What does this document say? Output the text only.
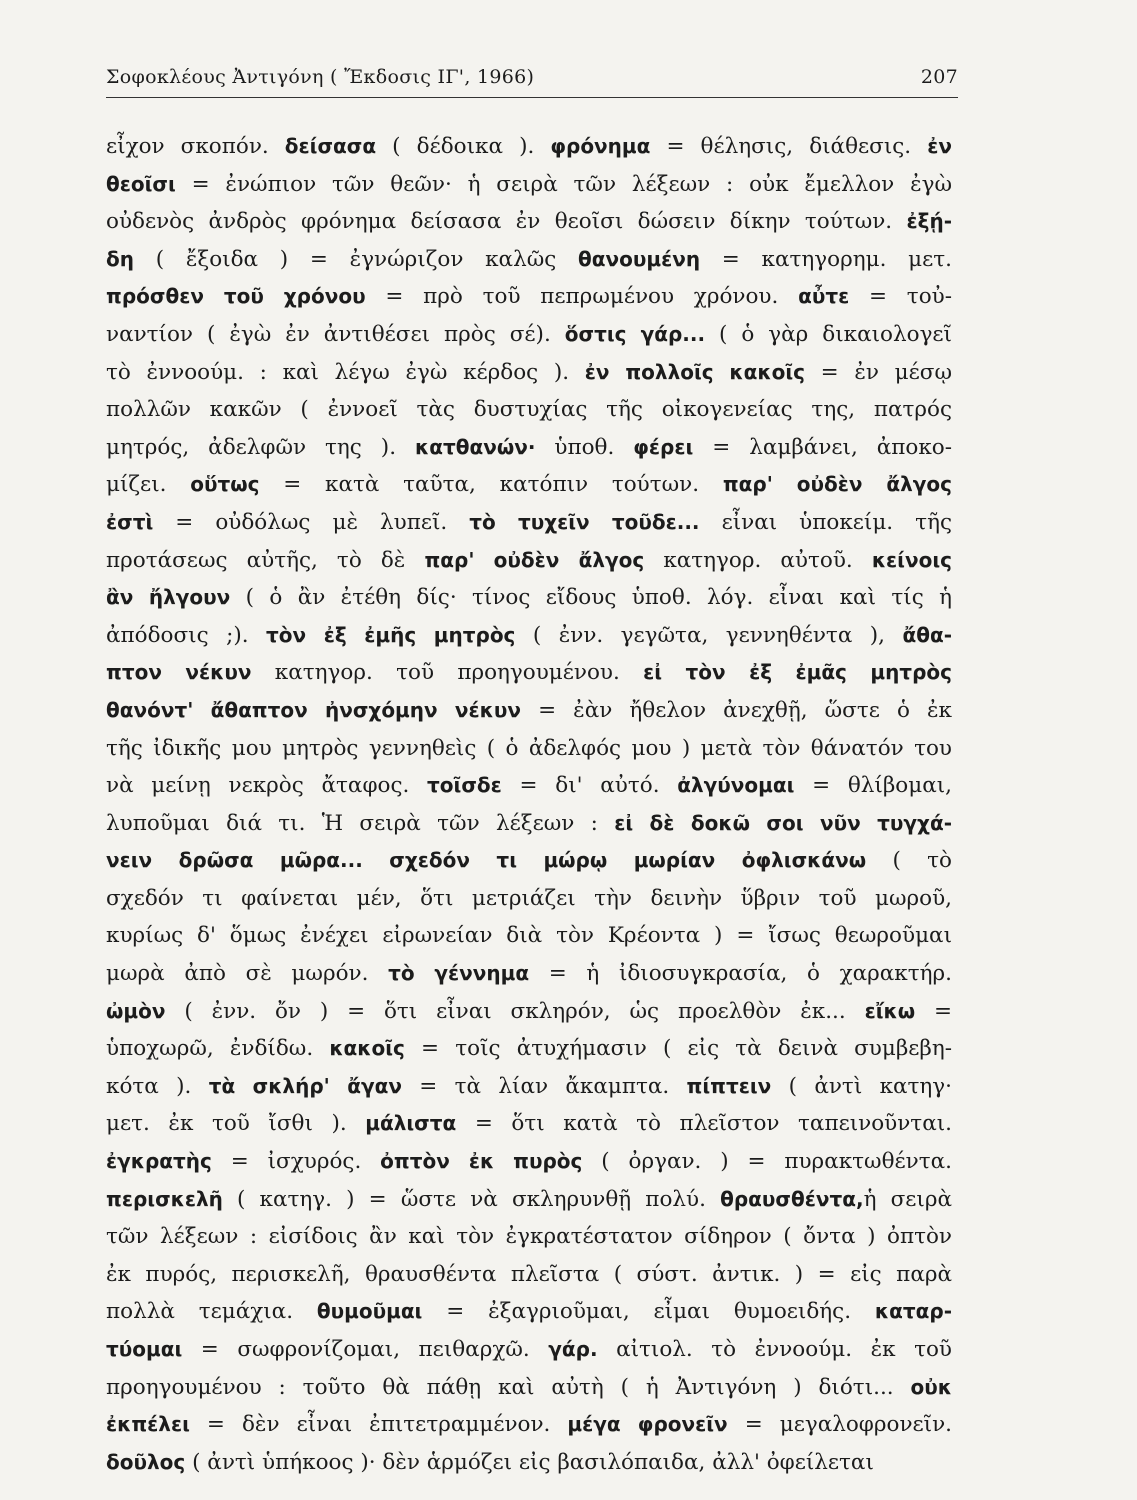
Σοφοκλέους Ἀντιγόνη ( Ἔκδοσις ΙΓ', 1966)	207
εἶχον σκοπόν. δείσασα ( δέδοικα ). φρόνημα = θέλησις, διάθεσις. ἐν
θεοῖσι = ἐνώπιον τῶν θεῶν· ἡ σειρὰ τῶν λέξεων : οὐκ ἔμελλον ἐγὼ
οὐδενὸς ἀνδρὸς φρόνημα δείσασα ἐν θεοῖσι δώσειν δίκην τούτων. ἐξῄ-
δη ( ἔξοιδα ) = ἐγνώριζον καλῶς θανουμένη = κατηγορημ. μετ.
πρόσθεν τοῦ χρόνου = πρὸ τοῦ πεπρωμένου χρόνου. αὖτε = τοὐ-
ναντίον ( ἐγὼ ἐν ἀντιθέσει πρὸς σέ). ὅστις γάρ... ( ὁ γὰρ δικαιολογεῖ
τὸ ἐννοούμ. : καὶ λέγω ἐγὼ κέρδος ). ἐν πολλοῖς κακοῖς = ἐν μέσῳ
πολλῶν κακῶν ( ἐννοεῖ τὰς δυστυχίας τῆς οἰκογενείας της, πατρός
μητρός, ἀδελφῶν της ). κατθανών· ὑποθ. φέρει = λαμβάνει, ἀποκο-
μίζει. οὕτως = κατὰ ταῦτα, κατόπιν τούτων. παρ' οὐδὲν ἄλγος
ἐστὶ = οὐδόλως μὲ λυπεῖ. τὸ τυχεῖν τοῦδε... εἶναι ὑποκείμ. τῆς
προτάσεως αὐτῆς, τὸ δὲ παρ' οὐδὲν ἄλγος κατηγορ. αὐτοῦ. κείνοις
ἂν ἤλγουν ( ὁ ἂν ἐτέθη δίς· τίνος εἴδους ὑποθ. λόγ. εἶναι καὶ τίς ἡ
ἀπόδοσις ;). τὸν ἐξ ἐμῆς μητρὸς ( ἐνν. γεγῶτα, γεννηθέντα ), ἄθα-
πτον νέκυν κατηγορ. τοῦ προηγουμένου. εἰ τὸν ἐξ ἐμᾶς μητρὸς
θανόντ' ἄθαπτον ἠνσχόμην νέκυν = ἐὰν ἤθελον ἀνεχθῇ, ὥστε ὁ ἐκ
τῆς ἰδικῆς μου μητρὸς γεννηθεὶς ( ὁ ἀδελφός μου ) μετὰ τὸν θάνατόν του
νὰ μείνῃ νεκρὸς ἄταφος. τοῖσδε = δι' αὐτό. ἀλγύνομαι = θλίβομαι,
λυποῦμαι διά τι. Ἡ σειρὰ τῶν λέξεων : εἰ δὲ δοκῶ σοι νῦν τυγχά-
νειν δρῶσα μῶρα... σχεδόν τι μώρῳ μωρίαν ὀφλισκάνω ( τὸ
σχεδόν τι φαίνεται μέν, ὅτι μετριάζει τὴν δεινὴν ὕβριν τοῦ μωροῦ,
κυρίως δ' ὅμως ἐνέχει εἰρωνείαν διὰ τὸν Κρέοντα ) = ἴσως θεωροῦμαι
μωρὰ ἀπὸ σὲ μωρόν. τὸ γέννημα = ἡ ἰδιοσυγκρασία, ὁ χαρακτήρ.
ὠμὸν ( ἐνν. ὄν ) = ὅτι εἶναι σκληρόν, ὡς προελθὸν ἐκ... εἴκω =
ὑποχωρῶ, ἐνδίδω. κακοῖς = τοῖς ἀτυχήμασιν ( εἰς τὰ δεινὰ συμβεβη-
κότα ). τὰ σκλήρ' ἄγαν = τὰ λίαν ἄκαμπτα. πίπτειν ( ἀντὶ κατηγ·
μετ. ἐκ τοῦ ἴσθι ). μάλιστα = ὅτι κατὰ τὸ πλεῖστον ταπεινοῦνται.
ἐγκρατὴς = ἰσχυρός. ὀπτὸν ἐκ πυρὸς ( ὀργαν. ) = πυρακτωθέντα.
περισκελῆ ( κατηγ. ) = ὥστε νὰ σκληρυνθῇ πολύ. θραυσθέντα,ἡ σειρὰ
τῶν λέξεων : εἰσίδοις ἂν καὶ τὸν ἐγκρατέστατον σίδηρον ( ὄντα ) ὀπτὸν
ἐκ πυρός, περισκελῆ, θραυσθέντα πλεῖστα ( σύστ. ἀντικ. ) = εἰς παρὰ
πολλὰ τεμάχια. θυμοῦμαι = ἐξαγριοῦμαι, εἶμαι θυμοειδής. καταρ-
τύομαι = σωφρονίζομαι, πειθαρχῶ. γάρ. αἰτιολ. τὸ ἐννοούμ. ἐκ τοῦ
προηγουμένου : τοῦτο θὰ πάθῃ καὶ αὐτὴ ( ἡ Ἀντιγόνη ) διότι... οὐκ
ἐκπέλει = δὲν εἶναι ἐπιτετραμμένον. μέγα φρονεῖν = μεγαλοφρονεῖν.
δοῦλος ( ἀντὶ ὑπήκοος )· δὲν ἁρμόζει εἰς βασιλόπαιδα, ἀλλ' ὀφείλεται
